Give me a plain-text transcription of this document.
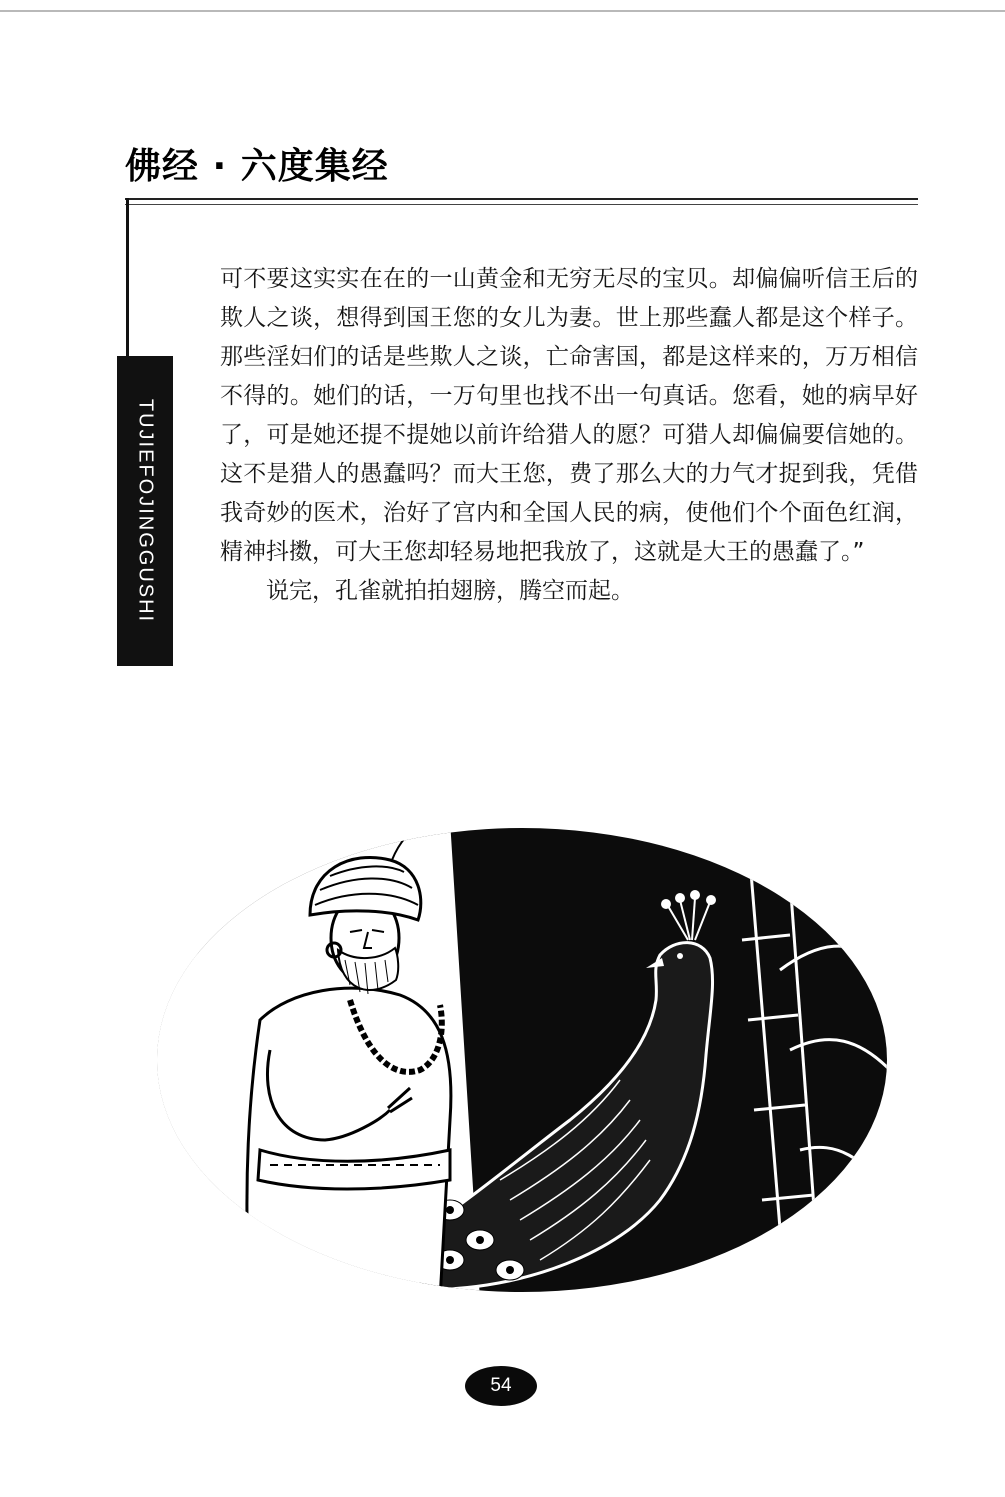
佛经 · 六度集经
TUJIEFOJINGGUSHI

可不要这实实在在的一山黄金和无穷无尽的宝贝。却偏偏听信王后的欺人之谈，想得到国王您的女儿为妻。世上那些蠢人都是这个样子。那些淫妇们的话是些欺人之谈，亡命害国，都是这样来的，万万相信不得的。她们的话，一万句里也找不出一句真话。您看，她的病早好了，可是她还提不提她以前许给猎人的愿？可猎人却偏偏要信她的。这不是猎人的愚蠢吗？而大王您，费了那么大的力气才捉到我，凭借我奇妙的医术，治好了宫内和全国人民的病，使他们个个面色红润，精神抖擞，可大王您却轻易地把我放了，这就是大王的愚蠢了。”

说完，孔雀就拍拍翅膀，腾空而起。

54
